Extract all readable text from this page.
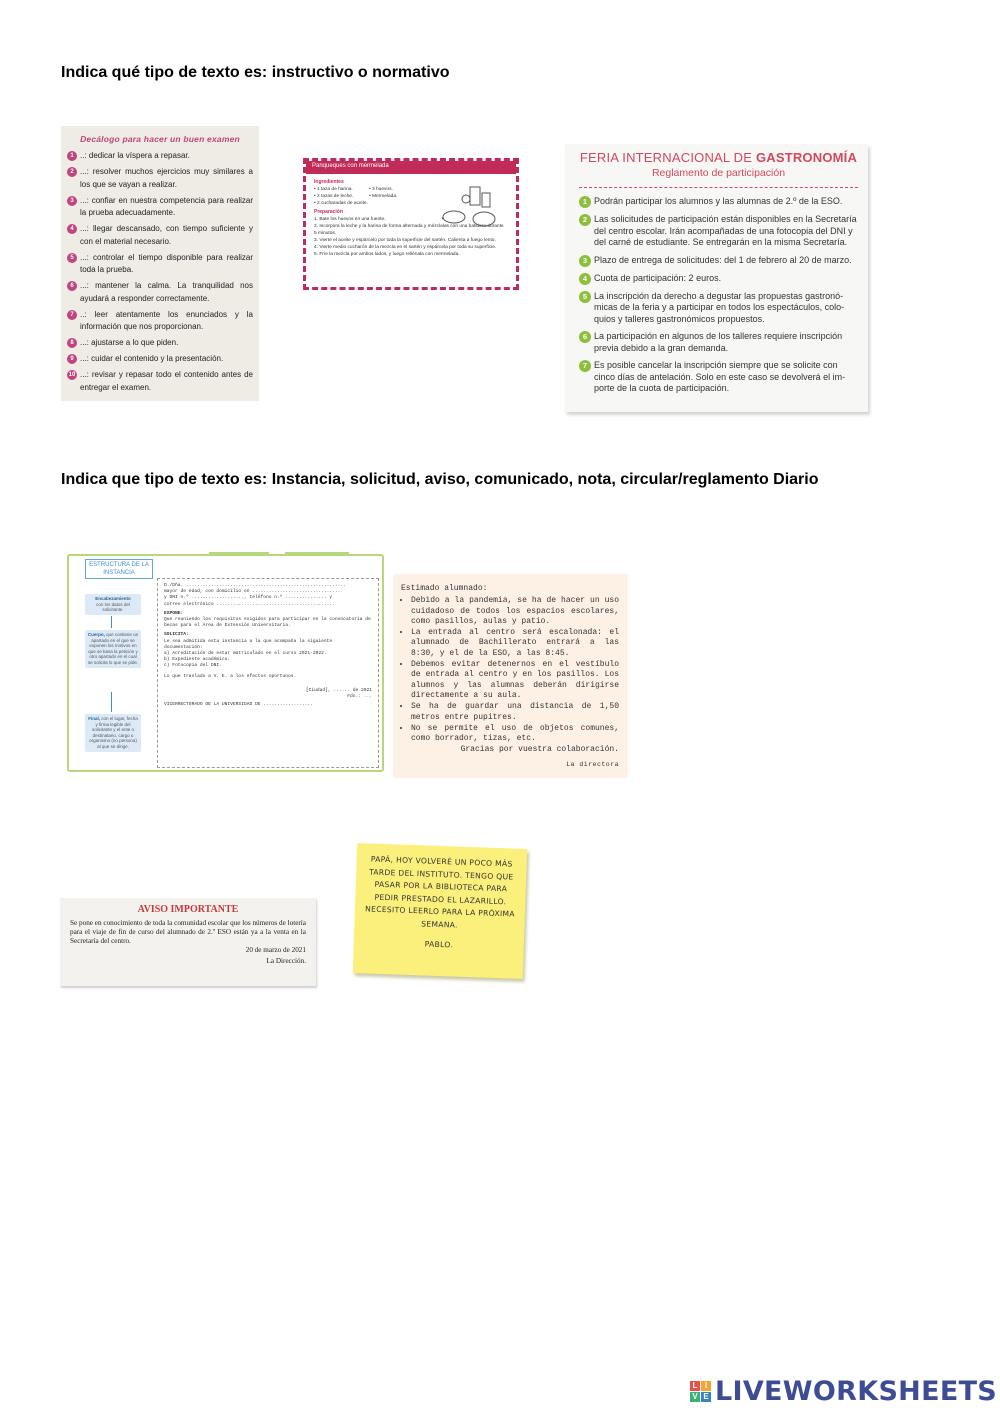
Indica qué tipo de texto es: instructivo o normativo
Indica que tipo de texto es: Instancia, solicitud, aviso, comunicado, nota, circular/reglamento Diario
Decálogo para hacer un buen examen
1 ..: dedicar la víspera a repasar.
2 ...: resolver muchos ejercicios muy similares a los que se vayan a realizar.
3 ...: confiar en nuestra competencia para realizar la prueba adecuadamente.
4 ...: llegar descansado, con tiempo suficiente y con el material necesario.
5 ...: controlar el tiempo disponible para realizar toda la prueba.
6 ...: mantener la calma. La tranquilidad nos ayudará a responder correctamente.
7 ..: leer atentamente los enunciados y la información que nos proporcionan.
8 ...: ajustarse a lo que piden.
9 ...: cuidar el contenido y la presentación.
10 ...: revisar y repasar todo el contenido antes de entregar el examen.
Panqueques con mermelada
Ingredientes
• 1 taza de harina.
• 2 tazas de leche.
• 2 cucharadas de aceite.
• 3 huevos.
• Mermelada.
Preparación
1. Bate los huevos en una fuente.
2. Incorpora la leche y la harina de forma alternada y mézclalas con una batidora durante 5 minutos.
3. Vierte el aceite y espárcelo por toda la superficie del sartén. Calienta a fuego lento.
4. Vierte medio cucharón de la mezcla en el sartén y espárcela por toda su superficie.
5. Fríe la mezcla por ambos lados, y luego rellénala con mermelada.
FERIA INTERNACIONAL DE GASTRONOMÍA
Reglamento de participación
1 Podrán participar los alumnos y las alumnas de 2.º de la ESO.
2 Las solicitudes de participación están disponibles en la Secretaría del centro escolar. Irán acompañadas de una fotocopia del DNI y del carné de estudiante. Se entregarán en la misma Secretaría.
3 Plazo de entrega de solicitudes: del 1 de febrero al 20 de marzo.
4 Cuota de participación: 2 euros.
5 La inscripción da derecho a degustar las propuestas gastronó-micas de la feria y a participar en todos los espectáculos, colo-quios y talleres gastronómicos propuestos.
6 La participación en algunos de los talleres requiere inscripción previa debido a la gran demanda.
7 Es posible cancelar la inscripción siempre que se solicite con cinco días de antelación. Solo en este caso se devolverá el im-porte de la cuota de participación.
ESTRUCTURA DE LA INSTANCIA
Encabezamiento
con los datos del solicitante.
Cuerpo, que contiene un apartado en el que se exponen los motivos en que se basa la petición y otro apartado en el cual se solicita lo que se pide.
Final, con el lugar, fecha y firma legible del solicitante y el ente o destinatario, cargo u organismo (no persona) al que se dirige.
D./Dña. ..........................................................
mayor de edad, con domicilio en ................................
y DNI n.º ..................., teléfono n.º ............... y
correo electrónico ...........................................
EXPONE:
Que reuniendo los requisitos exigidos para participar en la convocatoria de becas para el Área de Extensión Universitaria.
SOLICITA:
Le sea admitida esta instancia a la que acompaña la siguiente documentación:
a) Acreditación de estar matriculado en el curso 2021-2022.
b) Expediente académico.
c) Fotocopia del DNI.
Lo que traslado a V. E. a los efectos oportunos.
[Ciudad], ...... de 2021
Fdo.: ...
VICERRECTORADO DE LA UNIVERSIDAD DE ..................
Estimado alumnado:
• Debido a la pandemia, se ha de hacer un uso cuidadoso de todos los espacios escolares, como pasillos, aulas y patio.
• La entrada al centro será escalonada: el alumnado de Bachillerato entrará a las 8:30, y el de la ESO, a las 8:45.
• Debemos evitar detenernos en el vestíbulo de entrada al centro y en los pasillos. Los alumnos y las alumnas deberán dirigirse directamente a su aula.
• Se ha de guardar una distancia de 1,50 metros entre pupitres.
• No se permite el uso de objetos comunes, como borrador, tizas, etc.
Gracias por vuestra colaboración.
La directora
AVISO IMPORTANTE
Se pone en conocimiento de toda la comunidad escolar que los números de lotería para el viaje de fin de curso del alumnado de 2.º ESO están ya a la venta en la Secretaría del centro.
20 de marzo de 2021
La Dirección.
PAPÁ, HOY VOLVERÉ UN POCO MÁS TARDE DEL INSTITUTO. TENGO QUE PASAR POR LA BIBLIOTECA PARA PEDIR PRESTADO EL LAZARILLO. NECESITO LEERLO PARA LA PRÓXIMA SEMANA.
PABLO.
L I
V E LIVEWORKSHEETS
